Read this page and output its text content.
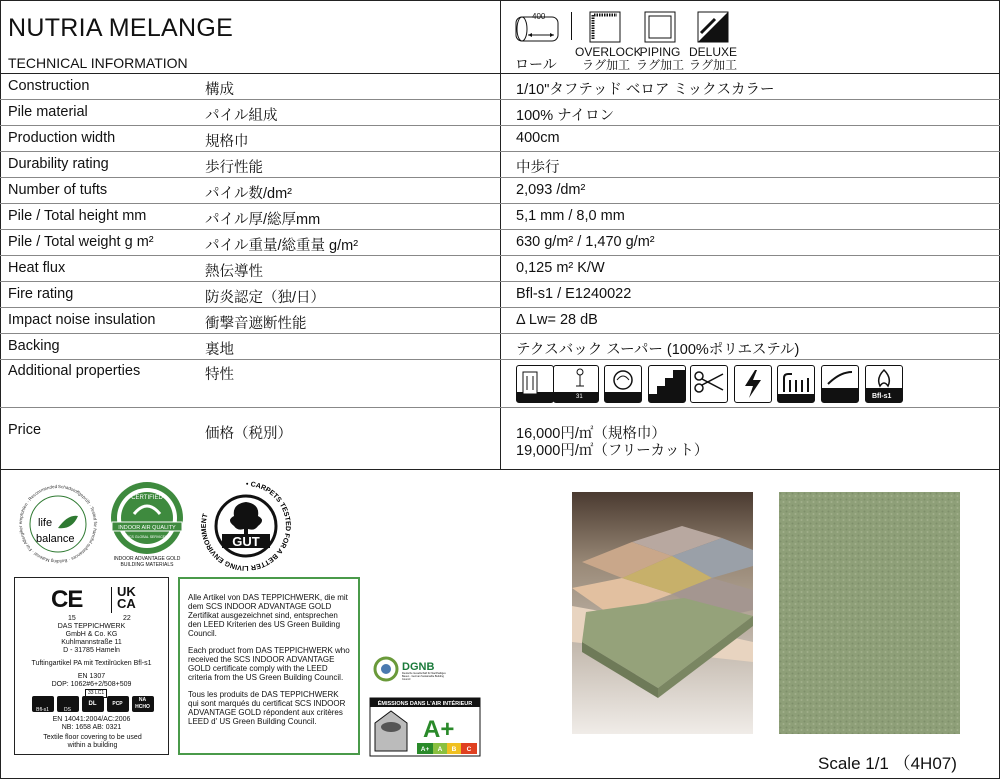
NUTRIA MELANGE
TECHNICAL INFORMATION
400
ロール
OVERLOCK
ラグ加工
PIPING
ラグ加工
DELUXE
ラグ加工
Construction	構成	1/10"タフテッド ベロア ミックスカラー
Pile material	パイル組成	100% ナイロン
Production width	規格巾	400cm
Durability rating	歩行性能	中歩行
Number of tufts	パイル数/dm²	2,093 /dm²
Pile / Total height mm	パイル厚/総厚mm	5,1 mm / 8,0 mm
Pile / Total weight g m²	パイル重量/総重量 g/m²	630 g/m² / 1,470 g/m²
Heat flux	熱伝導性	0,125 m² K/W
Fire rating	防炎認定（独/日）	Bfl-s1 / E1240022
Impact noise insulation	衝撃音遮断性能	Δ Lw= 28 dB
Backing	裏地	テクスバック スーパー (100%ポリエステル)
Additional properties	特性
31	Bfl-s1
Price	価格（税別）	16,000円/㎡（規格巾）
19,000円/㎡（フリーカット）
life
balance
Schadstoffgeprüft · Tested for harmful substances · Building Material · Für Allergiker empfohlen · Recommended
CERTIFIED
INDOOR AIR QUALITY
SCS GLOBAL SERVICES
INDOOR ADVANTAGE GOLD BUILDING MATERIALS
• CARPETS TESTED FOR A BETTER LIVING ENVIRONMENT
GUT
DGNB
Deutsche Gesellschaft für Nachhaltiges Bauen · German Sustainable Building Council
ÉMISSIONS DANS L'AIR INTÉRIEUR
A+
A+ A B C
CE	UK
CA
15	22
DAS TEPPICHWERK
GmbH & Co. KG
Kuhlmannstraße 11
D - 31785 Hameln
Tuftingartikel PA mit Textilrücken Bfl-s1
EN 1307
DOP: 1062#6+2/508+509
33 LC1
Bfl-s1	DS
DL	PCP
NA HCHO
EN 14041:2004/AC:2006
NB: 1658 AB: 0321
Textile floor covering to be used within a building

Alle Artikel von DAS TEPPICHWERK, die mit dem SCS INDOOR ADVANTAGE GOLD Zertifikat ausgezeichnet sind, entsprechen den LEED Kriterien des US Green Building Council.

Each product from DAS TEPPICHWERK who received the SCS INDOOR ADVANTAGE GOLD certificate comply with the LEED criteria from the US Green Building Council.

Tous les produits de DAS TEPPICHWERK qui sont marqués du certificat SCS INDOOR ADVANTAGE GOLD répondent aux critères LEED d' US Green Building Council.

Scale 1/1 （4H07)
